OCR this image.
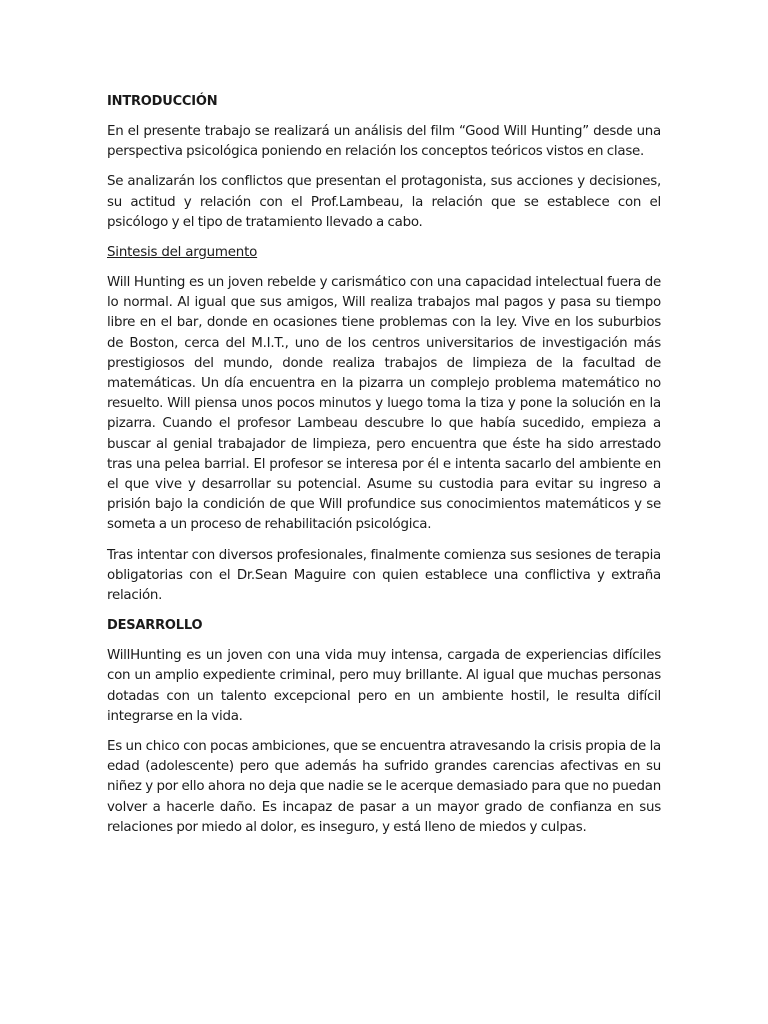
INTRODUCCIÓN

En el presente trabajo se realizará un análisis del film “Good Will Hunting” desde una perspectiva psicológica poniendo en relación los conceptos teóricos vistos en clase.

Se analizarán los conflictos que presentan el protagonista, sus acciones y decisiones, su actitud y relación con el Prof.Lambeau, la relación que se establece con el psicólogo y el tipo de tratamiento llevado a cabo.

Sintesis del argumento

Will Hunting es un joven rebelde y carismático con una capacidad intelectual fuera de lo normal. Al igual que sus amigos, Will realiza trabajos mal pagos y pasa su tiempo libre en el bar, donde en ocasiones tiene problemas con la ley. Vive en los suburbios de Boston, cerca del M.I.T., uno de los centros universitarios de investigación más prestigiosos del mundo, donde realiza trabajos de limpieza de la facultad de matemáticas. Un día encuentra en la pizarra un complejo problema matemático no resuelto. Will piensa unos pocos minutos y luego toma la tiza y pone la solución en la pizarra. Cuando el profesor Lambeau descubre lo que había sucedido, empieza a buscar al genial trabajador de limpieza, pero encuentra que éste ha sido arrestado tras una pelea barrial. El profesor se interesa por él e intenta sacarlo del ambiente en el que vive y desarrollar su potencial. Asume su custodia para evitar su ingreso a prisión bajo la condición de que Will profundice sus conocimientos matemáticos y se someta a un proceso de rehabilitación psicológica.

Tras intentar con diversos profesionales, finalmente comienza sus sesiones de terapia obligatorias con el Dr.Sean Maguire con quien establece una conflictiva y extraña relación.

DESARROLLO

WillHunting es un joven con una vida muy intensa, cargada de experiencias difíciles con un amplio expediente criminal, pero muy brillante. Al igual que muchas personas dotadas con un talento excepcional pero en un ambiente hostil, le resulta difícil integrarse en la vida.

Es un chico con pocas ambiciones, que se encuentra atravesando la crisis propia de la edad (adolescente) pero que además ha sufrido grandes carencias afectivas en su niñez y por ello ahora no deja que nadie se le acerque demasiado para que no puedan volver a hacerle daño. Es incapaz de pasar a un mayor grado de confianza en sus relaciones por miedo al dolor, es inseguro, y está lleno de miedos y culpas.
